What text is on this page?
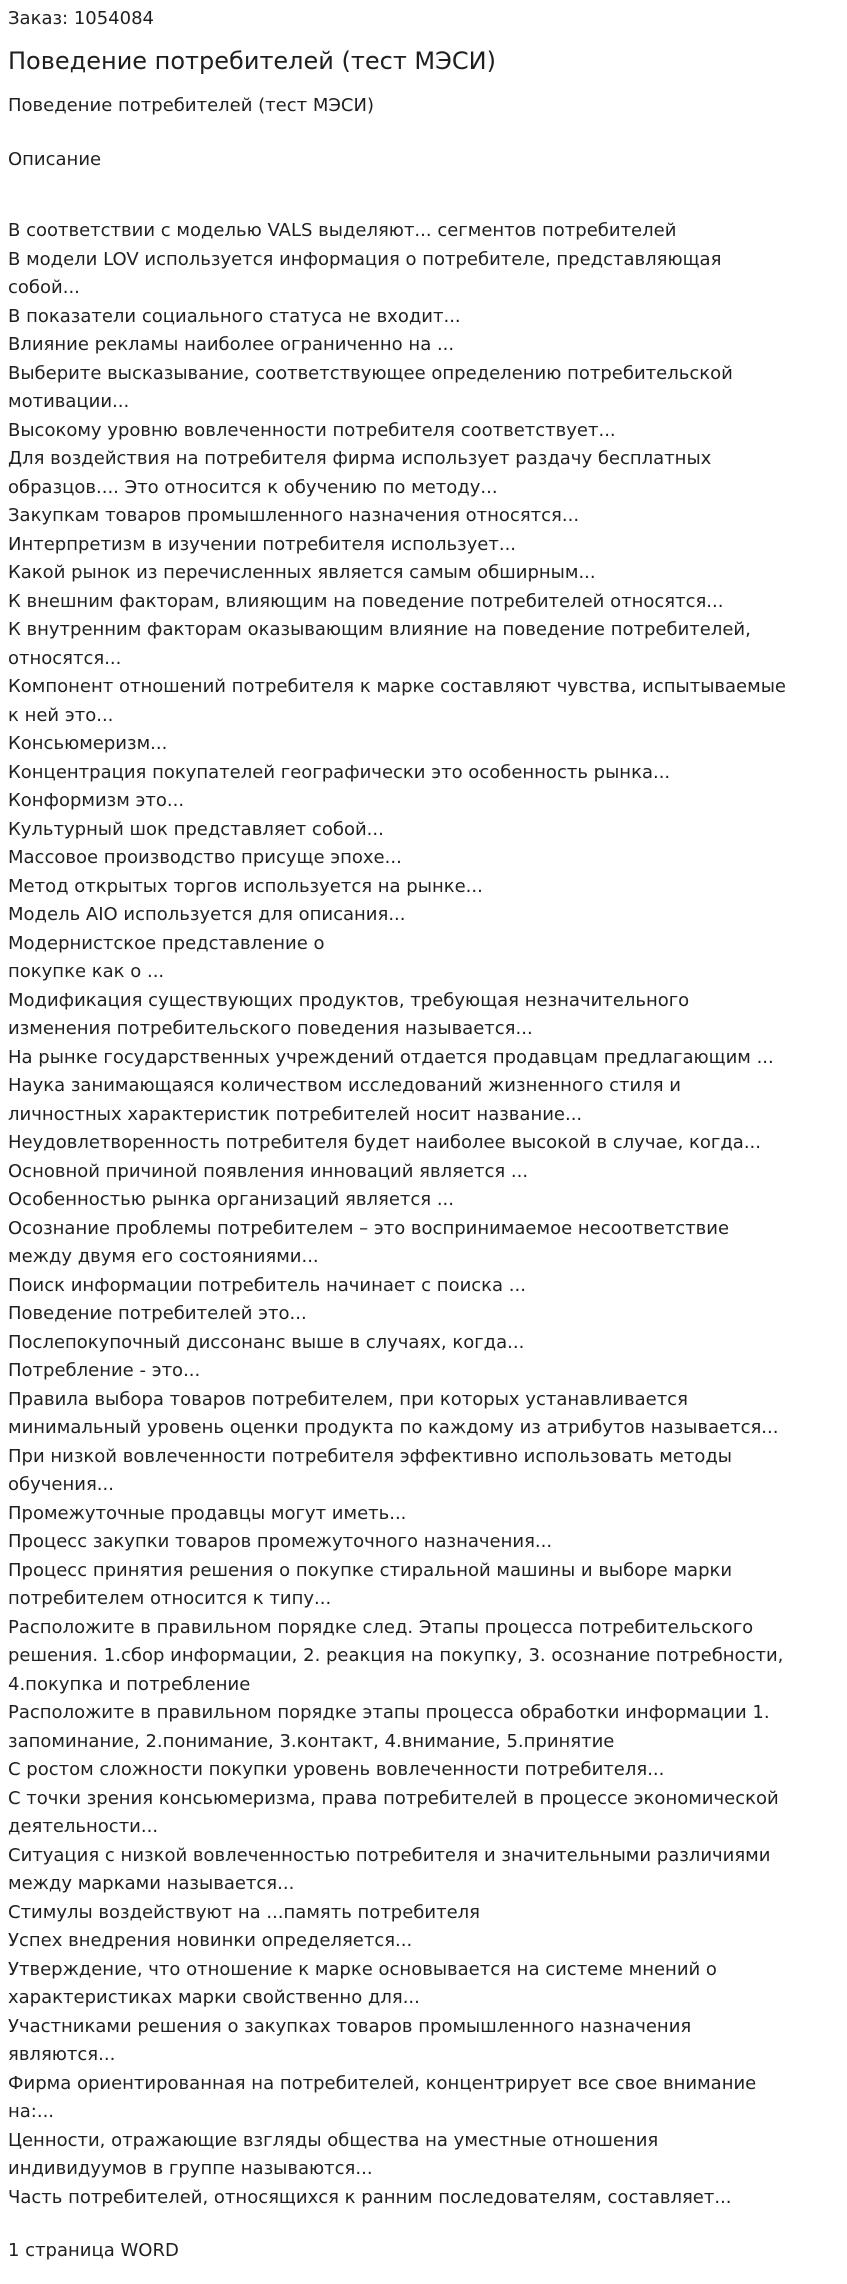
Заказ: 1054084
Поведение потребителей (тест МЭСИ)
Поведение потребителей (тест МЭСИ)
Описание
В соответствии с моделью VALS выделяют... сегментов потребителей
В модели LOV используется информация о потребителе, представляющая
собой...
В показатели социального статуса не входит...
Влияние рекламы наиболее ограниченно на ...
Выберите высказывание, соответствующее определению потребительской
мотивации...
Высокому уровню вовлеченности потребителя соответствует...
Для воздействия на потребителя фирма использует раздачу бесплатных
образцов.... Это относится к обучению по методу...
Закупкам товаров промышленного назначения относятся...
Интерпретизм в изучении потребителя использует...
Какой рынок из перечисленных является самым обширным...
К внешним факторам, влияющим на поведение потребителей относятся...
К внутренним факторам оказывающим влияние на поведение потребителей,
относятся...
Компонент отношений потребителя к марке составляют чувства, испытываемые
к ней это...
Консьюмеризм...
Концентрация покупателей географически это особенность рынка...
Конформизм это...
Культурный шок представляет собой...
Массовое производство присуще эпохе...
Метод открытых торгов используется на рынке...
Модель AIO используется для описания...
Модернистское представление о
покупке как о ...
Модификация существующих продуктов, требующая незначительного
изменения потребительского поведения называется...
На рынке государственных учреждений отдается продавцам предлагающим ...
Наука занимающаяся количеством исследований жизненного стиля и
личностных характеристик потребителей носит название...
Неудовлетворенность потребителя будет наиболее высокой в случае, когда...
Основной причиной появления инноваций является ...
Особенностью рынка организаций является ...
Осознание проблемы потребителем – это воспринимаемое несоответствие
между двумя его состояниями...
Поиск информации потребитель начинает с поиска ...
Поведение потребителей это...
Послепокупочный диссонанс выше в случаях, когда...
Потребление - это...
Правила выбора товаров потребителем, при которых устанавливается
минимальный уровень оценки продукта по каждому из атрибутов называется...
При низкой вовлеченности потребителя эффективно использовать методы
обучения...
Промежуточные продавцы могут иметь...
Процесс закупки товаров промежуточного назначения...
Процесс принятия решения о покупке стиральной машины и выборе марки
потребителем относится к типу...
Расположите в правильном порядке след. Этапы процесса потребительского
решения. 1.сбор информации, 2. реакция на покупку, 3. осознание потребности,
4.покупка и потребление
Расположите в правильном порядке этапы процесса обработки информации 1.
запоминание, 2.понимание, 3.контакт, 4.внимание, 5.принятие
С ростом сложности покупки уровень вовлеченности потребителя...
С точки зрения консьюмеризма, права потребителей в процессе экономической
деятельности...
Ситуация с низкой вовлеченностью потребителя и значительными различиями
между марками называется...
Стимулы воздействуют на ...память потребителя
Успех внедрения новинки определяется...
Утверждение, что отношение к марке основывается на системе мнений о
характеристиках марки свойственно для...
Участниками решения о закупках товаров промышленного назначения
являются...
Фирма ориентированная на потребителей, концентрирует все свое внимание
на:...
Ценности, отражающие взгляды общества на уместные отношения
индивидуумов в группе называются...
Часть потребителей, относящихся к ранним последователям, составляет...
1 страница WORD
